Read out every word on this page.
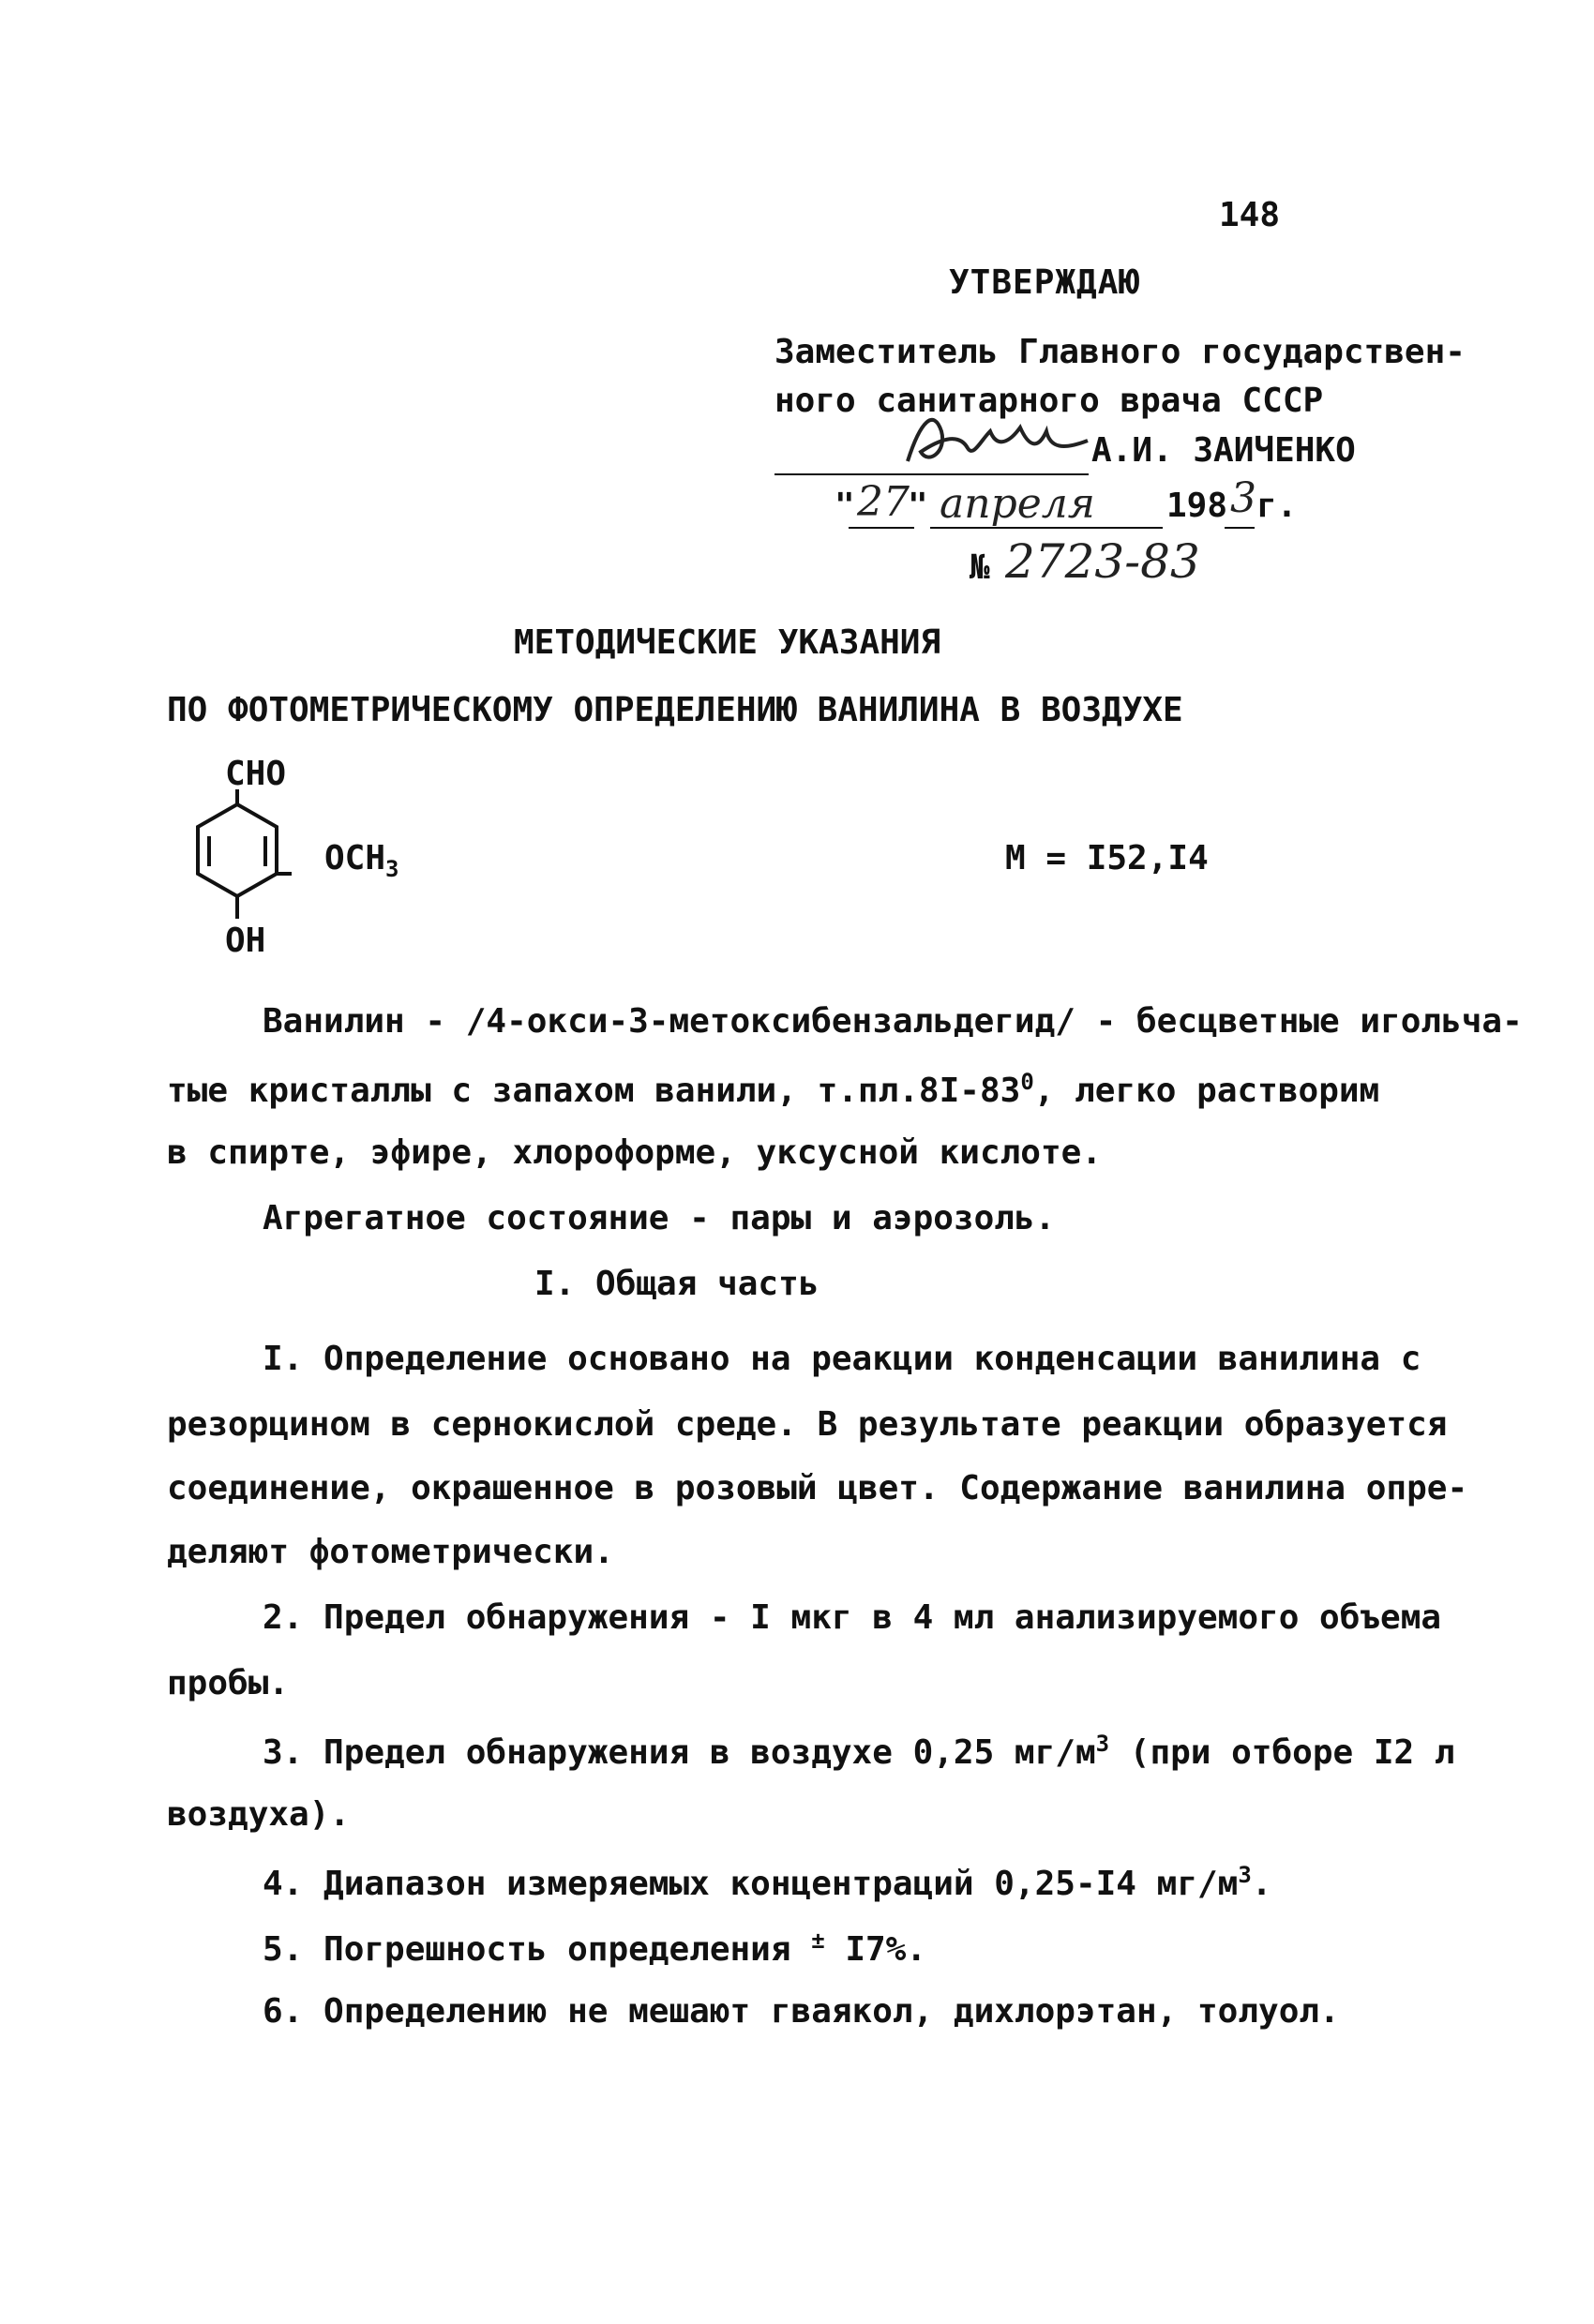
148
УТВЕРЖДАЮ
Заместитель Главного государствен-
ного санитарного врача СССР
А.И. ЗАИЧЕНКО
" 27
" апреля 198 3 г.
№ 2723-83
МЕТОДИЧЕСКИЕ УКАЗАНИЯ
ПО ФОТОМЕТРИЧЕСКОМУ ОПРЕДЕЛЕНИЮ ВАНИЛИНА В ВОЗДУХЕ
CHO
$OCH_3$
OH
M = I52,I4
Ванилин - /4-окси-3-метоксибензальдегид/ - бесцветные игольча-
тые кристаллы с запахом ванили, $т.пл.8I-83^0$, легко растворим
в спирте, эфире, хлороформе, уксусной кислоте.
Агрегатное состояние - пары и аэрозоль.
I. Общая часть
I. Определение основано на реакции конденсации ванилина с
резорцином в сернокислой среде. В результате реакции образуется
соединение, окрашенное в розовый цвет. Содержание ванилина опре-
деляют фотометрически.
2. Предел обнаружения - I мкг в 4 мл анализируемого объема
пробы.
3. Предел обнаружения в воздухе 0,25 $мг/м^3$ (при отборе I2 л
воздуха).
4. Диапазон измеряемых концентраций 0,25-I4 $мг/м^3$.
5. Погрешность определения ± I7%.
6. Определению не мешают гваякол, дихлорэтан, толуол.
